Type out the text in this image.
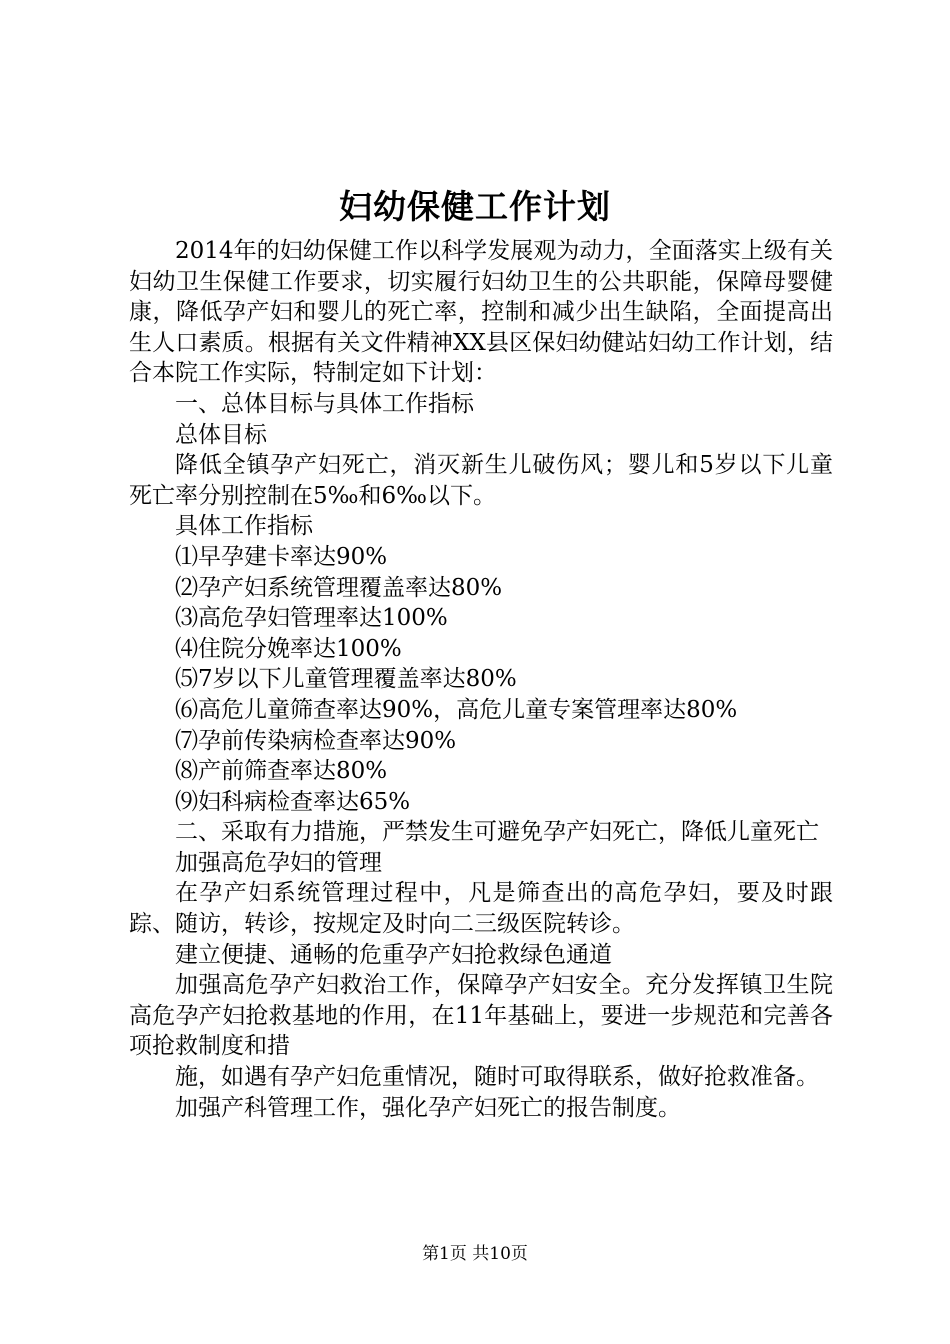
妇幼保健工作计划

2014年的妇幼保健工作以科学发展观为动力，全面落实上级有关妇幼卫生保健工作要求，切实履行妇幼卫生的公共职能，保障母婴健康，降低孕产妇和婴儿的死亡率，控制和减少出生缺陷，全面提高出生人口素质。根据有关文件精神XX县区保妇幼健站妇幼工作计划，结合本院工作实际，特制定如下计划：

一、总体目标与具体工作指标

总体目标

降低全镇孕产妇死亡，消灭新生儿破伤风；婴儿和5岁以下儿童死亡率分别控制在5‰和6‰以下。

具体工作指标

⑴早孕建卡率达90%

⑵孕产妇系统管理覆盖率达80%

⑶高危孕妇管理率达100%

⑷住院分娩率达100%

⑸7岁以下儿童管理覆盖率达80%

⑹高危儿童筛查率达90%，高危儿童专案管理率达80%

⑺孕前传染病检查率达90%

⑻产前筛查率达80%

⑼妇科病检查率达65%

二、采取有力措施，严禁发生可避免孕产妇死亡，降低儿童死亡

加强高危孕妇的管理

在孕产妇系统管理过程中，凡是筛查出的高危孕妇，要及时跟踪、随访，转诊，按规定及时向二三级医院转诊。

建立便捷、通畅的危重孕产妇抢救绿色通道

加强高危孕产妇救治工作，保障孕产妇安全。充分发挥镇卫生院高危孕产妇抢救基地的作用，在11年基础上，要进一步规范和完善各项抢救制度和措

施，如遇有孕产妇危重情况，随时可取得联系，做好抢救准备。

加强产科管理工作，强化孕产妇死亡的报告制度。

第1页 共10页
